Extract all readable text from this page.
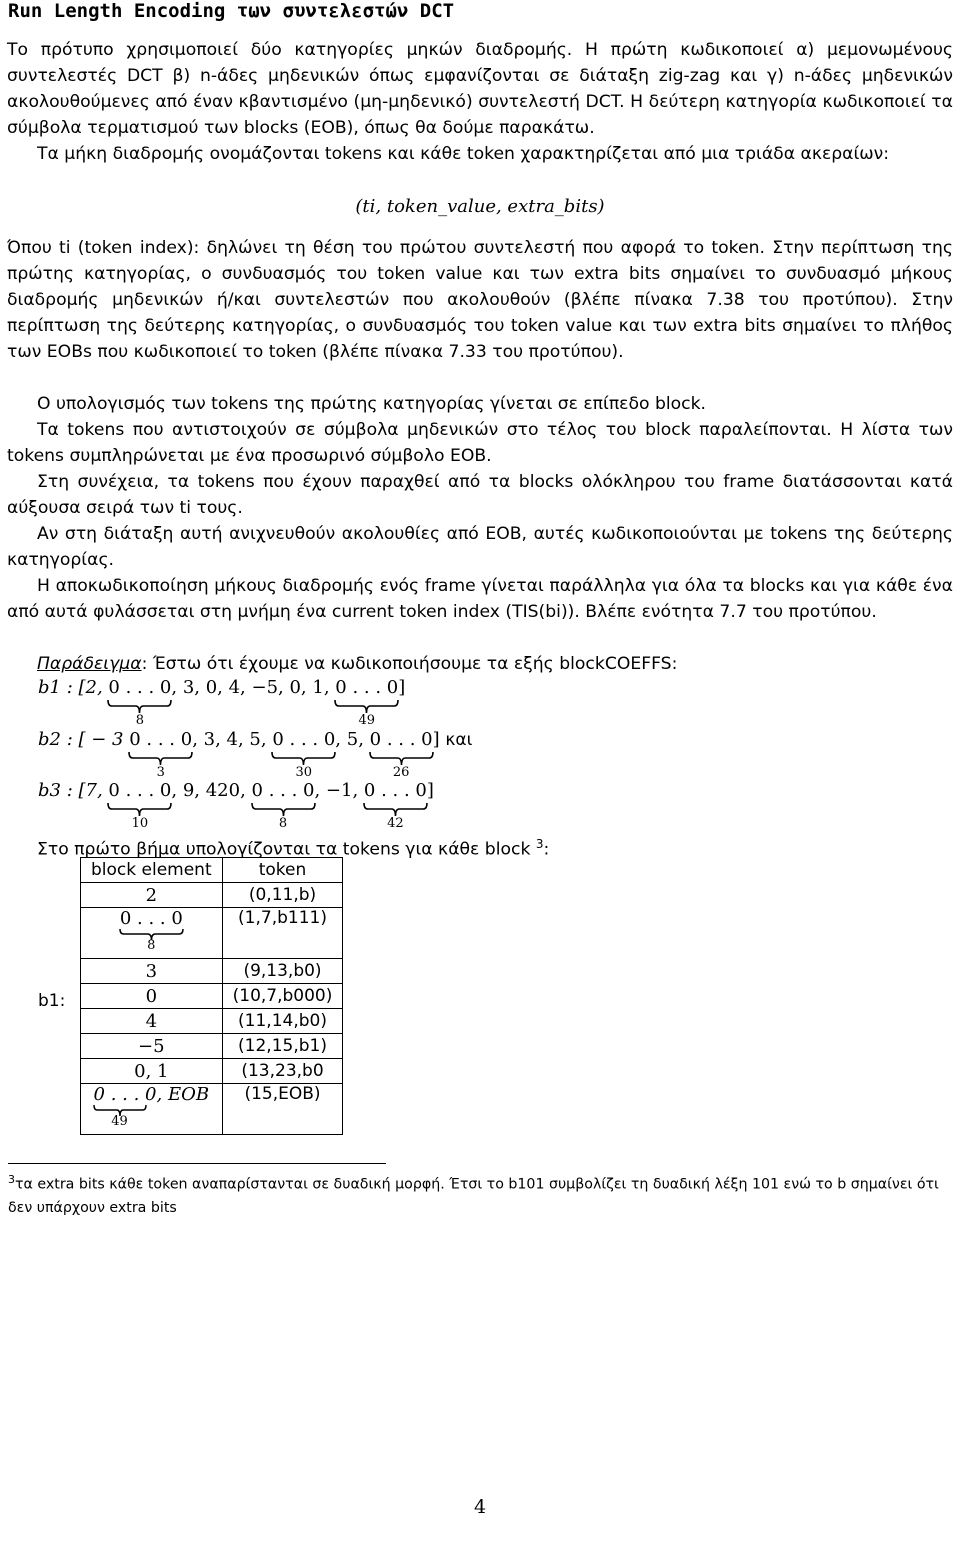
Run Length Encoding των συντελεστών DCT

Το πρότυπο χρησιμοποιεί δύο κατηγορίες μηκών διαδρομής. Η πρώτη κωδικοποιεί α) μεμονωμένους συντελεστές DCT β) n-άδες μηδενικών όπως εμφανίζονται σε διάταξη zig-zag και γ) n-άδες μηδενικών ακολουθούμενες από έναν κβαντισμένο (μη-μηδενικό) συντελεστή DCT. Η δεύτερη κατηγορία κωδικοποιεί τα σύμβολα τερματισμού των blocks (EOB), όπως θα δούμε παρακάτω.

Τα μήκη διαδρομής ονομάζονται tokens και κάθε token χαρακτηρίζεται από μια τριάδα ακεραίων:

(ti, token_value, extra_bits)

Όπου ti (token index): δηλώνει τη θέση του πρώτου συντελεστή που αφορά το token. Στην περίπτωση της πρώτης κατηγορίας, ο συνδυασμός του token value και των extra bits σημαίνει το συνδυασμό μήκους διαδρομής μηδενικών ή/και συντελεστών που ακολουθούν (βλέπε πίνακα 7.38 του προτύπου). Στην περίπτωση της δεύτερης κατηγορίας, ο συνδυασμός του token value και των extra bits σημαίνει το πλήθος των EOBs που κωδικοποιεί το token (βλέπε πίνακα 7.33 του προτύπου).

Ο υπολογισμός των tokens της πρώτης κατηγορίας γίνεται σε επίπεδο block.

Τα tokens που αντιστοιχούν σε σύμβολα μηδενικών στο τέλος του block παραλείπονται. Η λίστα των tokens συμπληρώνεται με ένα προσωρινό σύμβολο EOB.

Στη συνέχεια, τα tokens που έχουν παραχθεί από τα blocks ολόκληρου του frame διατάσσονται κατά αύξουσα σειρά των ti τους.

Αν στη διάταξη αυτή ανιχνευθούν ακολουθίες από EOB, αυτές κωδικοποιούνται με tokens της δεύτερης κατηγορίας.

Η αποκωδικοποίηση μήκους διαδρομής ενός frame γίνεται παράλληλα για όλα τα blocks και για κάθε ένα από αυτά φυλάσσεται στη μνήμη ένα current token index (TIS(bi)). Βλέπε ενότητα 7.7 του προτύπου.

Παράδειγμα: Έστω ότι έχουμε να κωδικοποιήσουμε τα εξής blockCOEFFS:

b1 : [2, 0 . . . 0
8
, 3, 0, 4, −5, 0, 1, 0 . . . 0
49
]
b2 : [ − 3 0 . . . 0
3
, 3, 4, 5, 0 . . . 0
30
, 5, 0 . . . 0
26
] και
b3 : [7, 0 . . . 0
10
, 9, 420, 0 . . . 0
8
, −1, 0 . . . 0
42
]

Στο πρώτο βήμα υπολογίζονται τα tokens για κάθε block $^3$:

b1:
block element	token
2	(0,11,b)
0 . . . 0
8	(1,7,b111)
3	(9,13,b0)
0	(10,7,b000)
4	(11,14,b0)
−5	(12,15,b1)
0, 1	(13,23,b0
0 . . . 0, EOB
49	(15,EOB)

$^3$τα extra bits κάθε token αναπαρίστανται σε δυαδική μορφή. Έτσι το b101 συμβολίζει τη δυαδική λέξη 101 ενώ το b σημαίνει ότι δεν υπάρχουν extra bits

4
